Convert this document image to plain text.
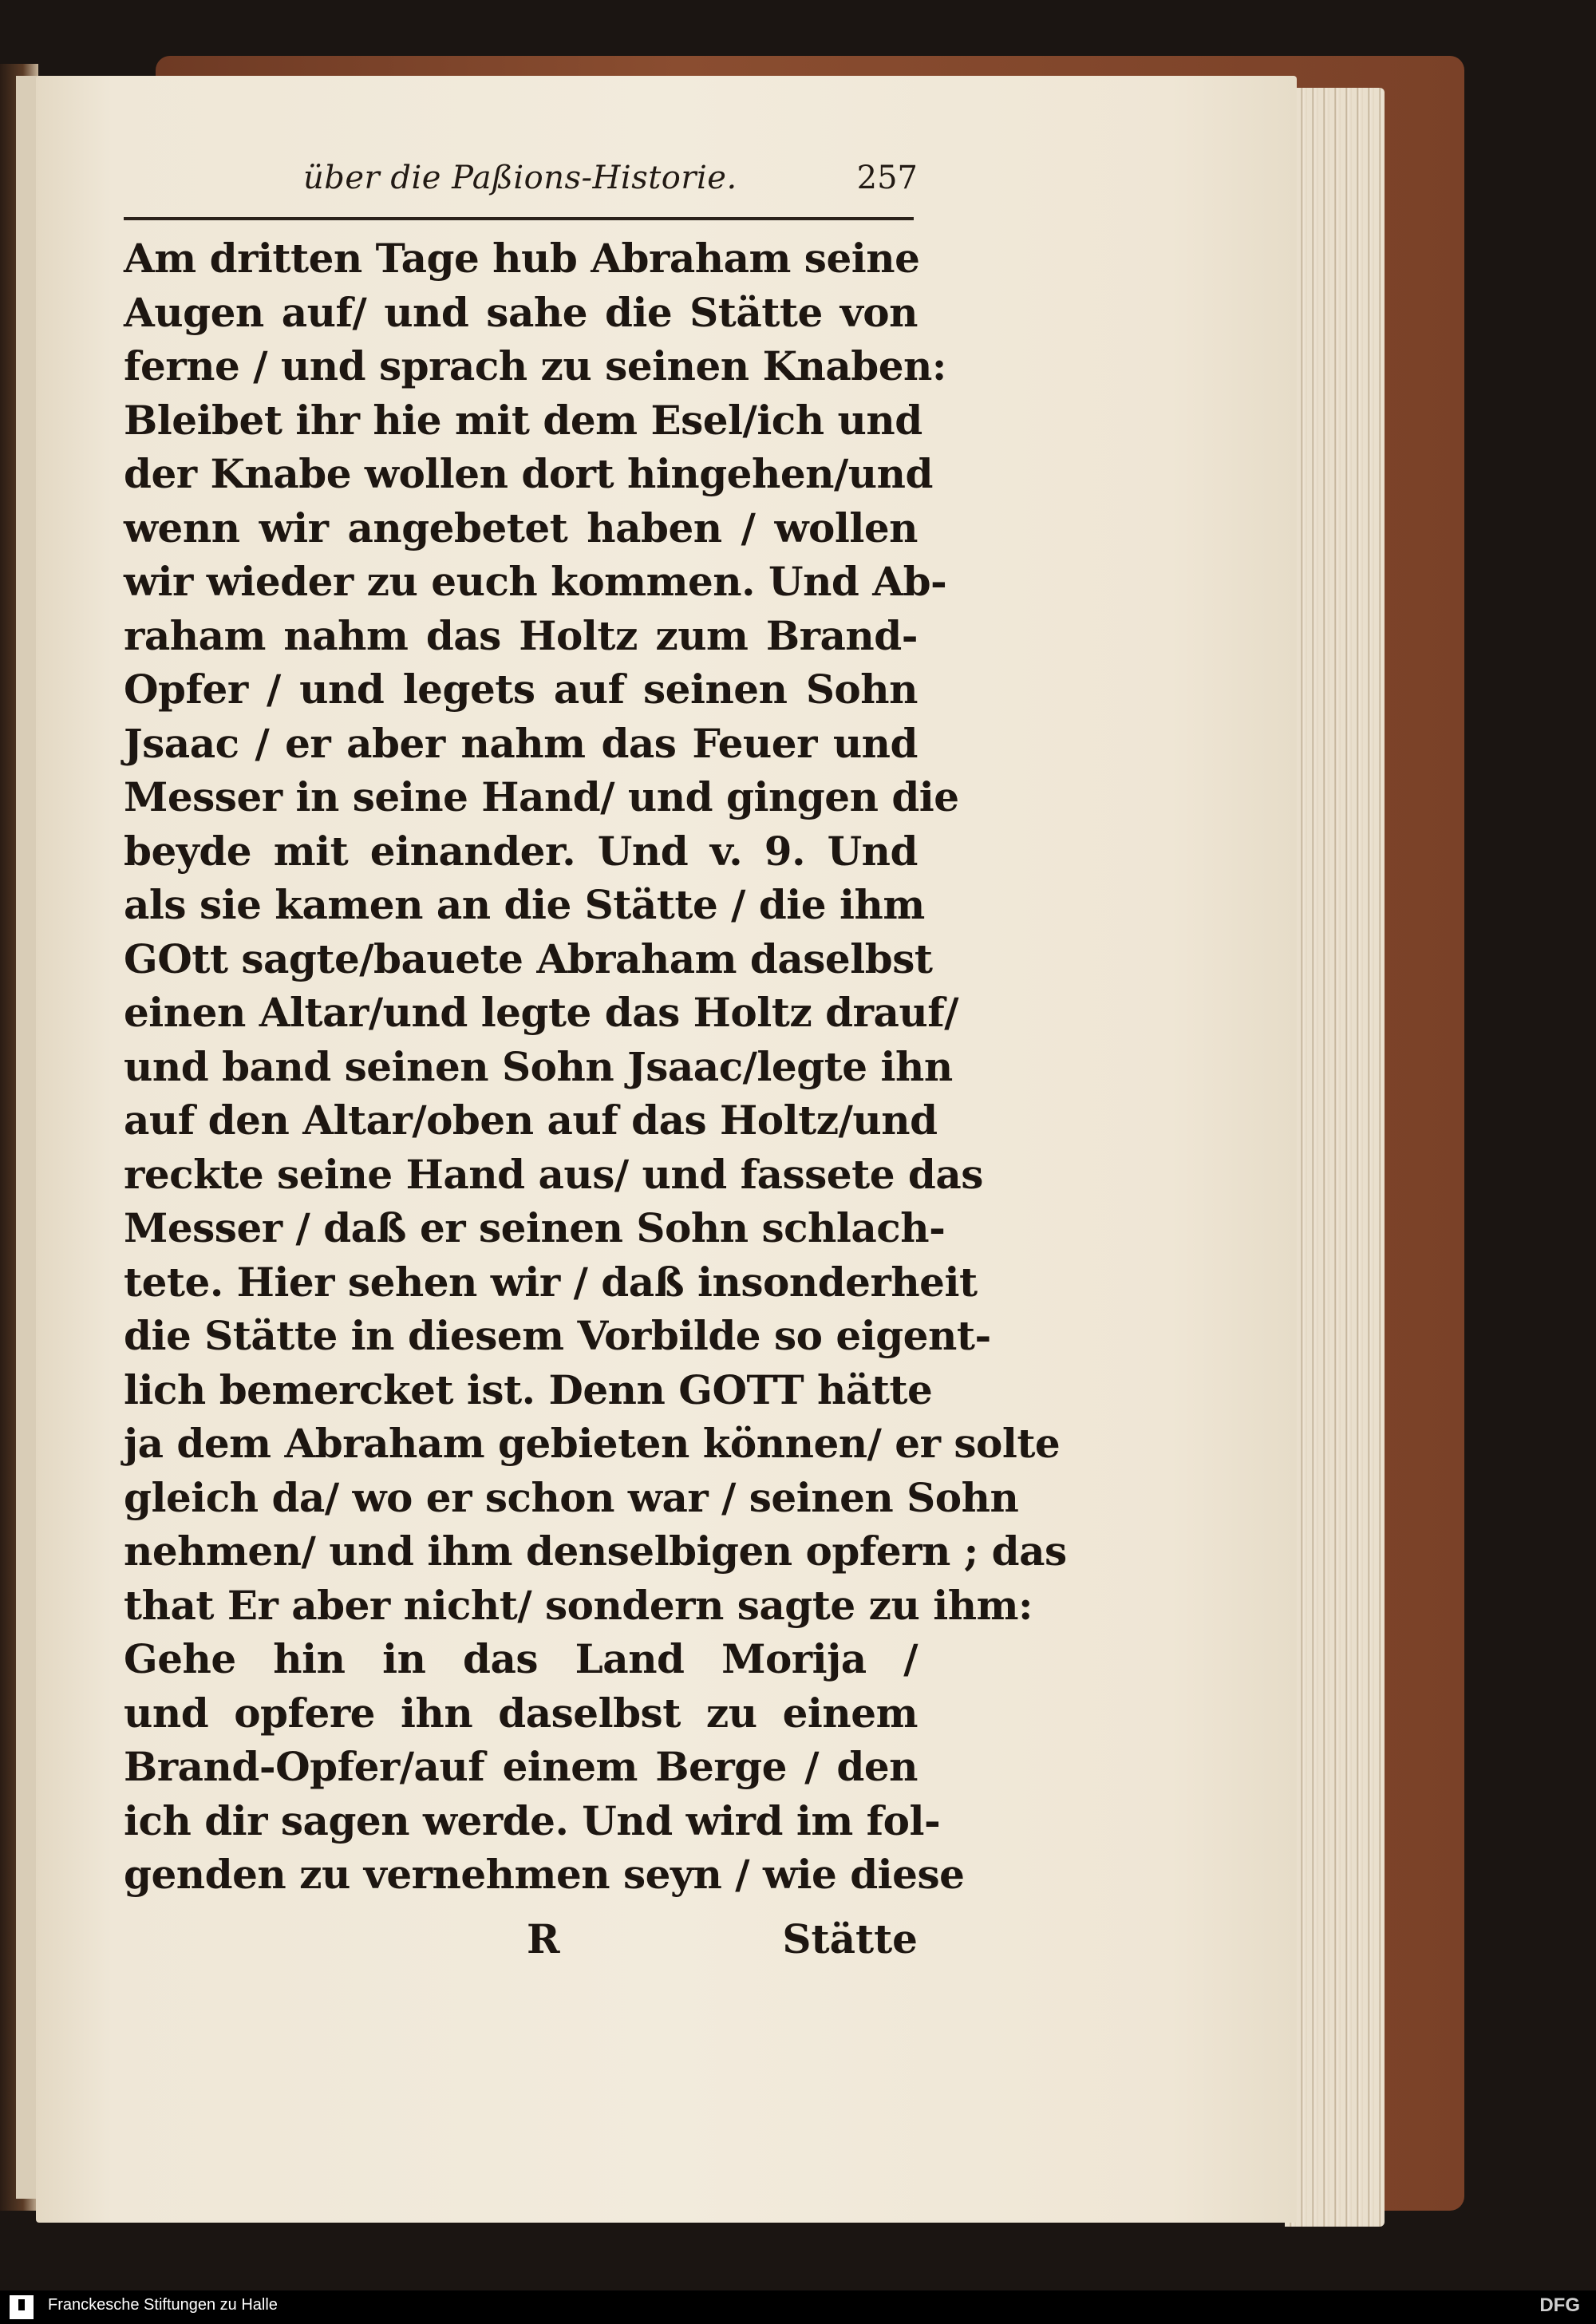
über die Paßions-Historie.	257
Am dritten Tage hub Abraham seine
Augen auf/ und sahe die Stätte von
ferne / und sprach zu seinen Knaben:
Bleibet ihr hie mit dem Esel/ich und
der Knabe wollen dort hingehen/und
wenn wir angebetet haben / wollen
wir wieder zu euch kommen. Und Ab-
raham nahm das Holtz zum Brand-
Opfer / und legets auf seinen Sohn
Jsaac / er aber nahm das Feuer und
Messer in seine Hand/ und gingen die
beyde mit einander. Und v. 9. Und
als sie kamen an die Stätte / die ihm
GOtt sagte/bauete Abraham daselbst
einen Altar/und legte das Holtz drauf/
und band seinen Sohn Jsaac/legte ihn
auf den Altar/oben auf das Holtz/und
reckte seine Hand aus/ und fassete das
Messer / daß er seinen Sohn schlach-
tete. Hier sehen wir / daß insonderheit
die Stätte in diesem Vorbilde so eigent-
lich bemercket ist. Denn GOTT hätte
ja dem Abraham gebieten können/ er solte
gleich da/ wo er schon war / seinen Sohn
nehmen/ und ihm denselbigen opfern ; das
that Er aber nicht/ sondern sagte zu ihm:
Gehe hin in das Land Morija /
und opfere ihn daselbst zu einem
Brand-Opfer/auf einem Berge / den
ich dir sagen werde. Und wird im fol-
genden zu vernehmen seyn / wie diese
R	Stätte
Franckesche Stiftungen zu Halle	DFG
